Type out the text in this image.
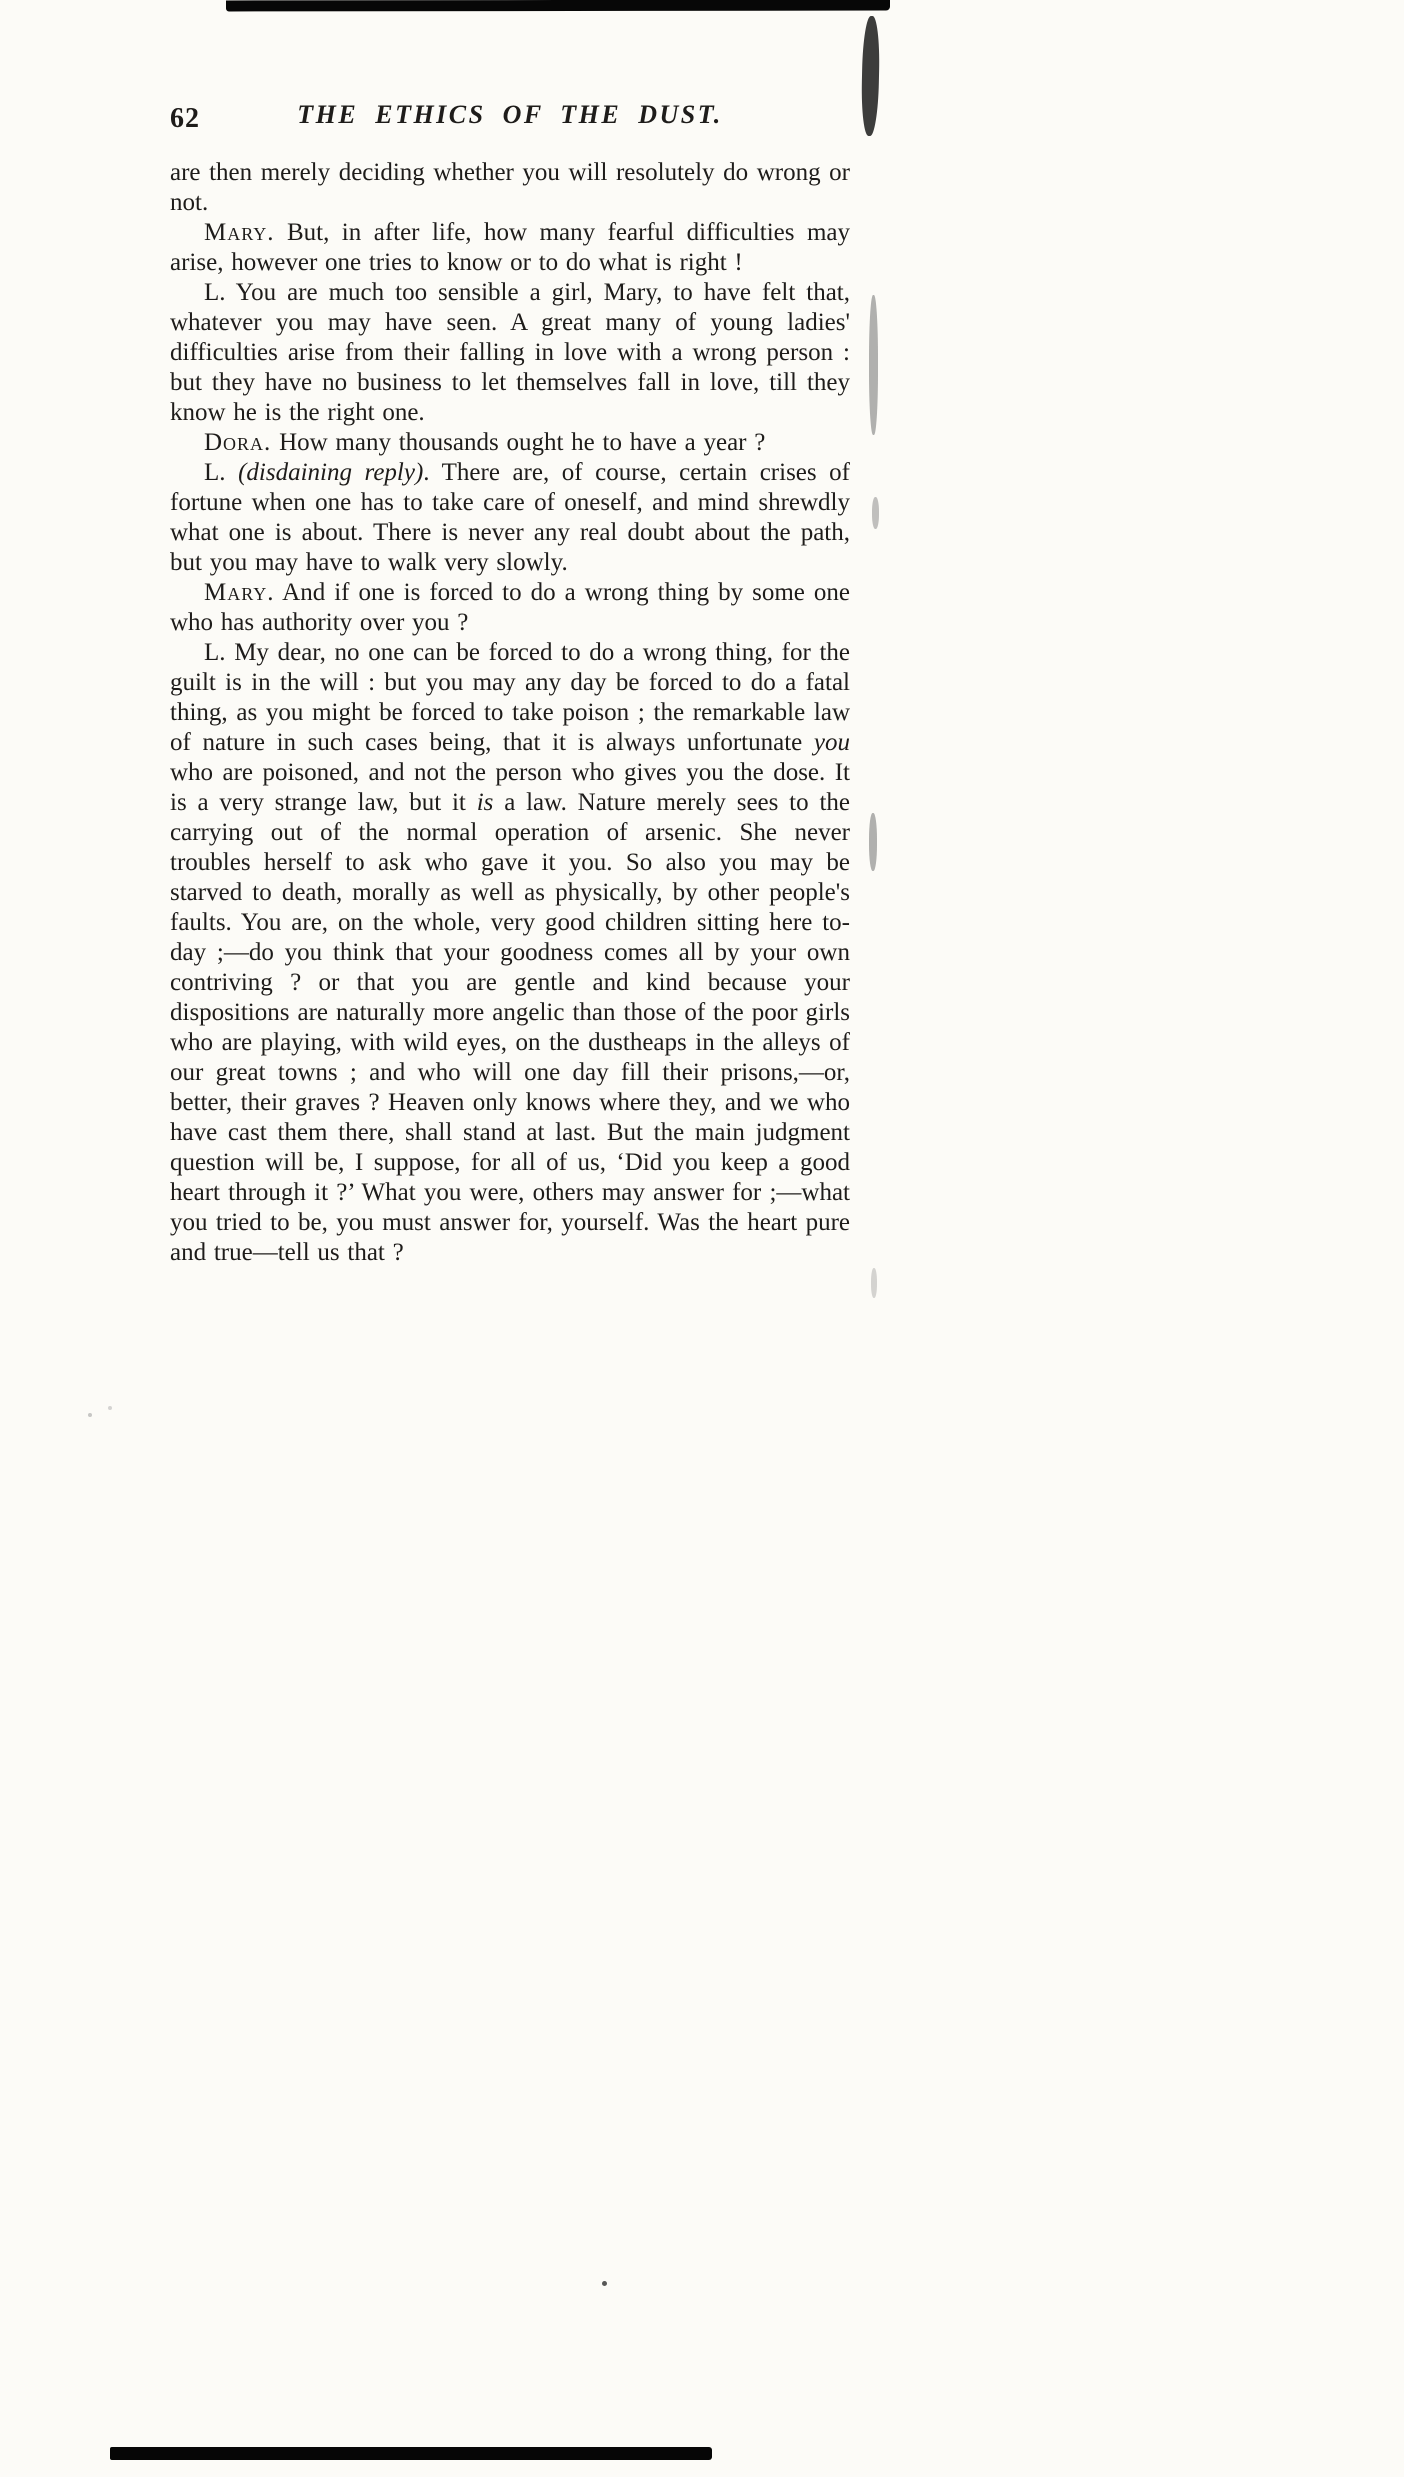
62	THE ETHICS OF THE DUST.

are then merely deciding whether you will resolutely do wrong or not.

Mary. But, in after life, how many fearful difficulties may arise, however one tries to know or to do what is right !

L. You are much too sensible a girl, Mary, to have felt that, whatever you may have seen. A great many of young ladies' difficulties arise from their falling in love with a wrong person : but they have no business to let themselves fall in love, till they know he is the right one.

Dora. How many thousands ought he to have a year ?

L. (disdaining reply). There are, of course, certain crises of fortune when one has to take care of oneself, and mind shrewdly what one is about. There is never any real doubt about the path, but you may have to walk very slowly.

Mary. And if one is forced to do a wrong thing by some one who has authority over you ?

L. My dear, no one can be forced to do a wrong thing, for the guilt is in the will : but you may any day be forced to do a fatal thing, as you might be forced to take poison ; the remarkable law of nature in such cases being, that it is always unfortunate you who are poisoned, and not the person who gives you the dose. It is a very strange law, but it is a law. Nature merely sees to the carrying out of the normal operation of arsenic. She never troubles herself to ask who gave it you. So also you may be starved to death, morally as well as physically, by other people's faults. You are, on the whole, very good children sitting here to-day ;—do you think that your goodness comes all by your own contriving ? or that you are gentle and kind because your dispositions are naturally more angelic than those of the poor girls who are playing, with wild eyes, on the dustheaps in the alleys of our great towns ; and who will one day fill their prisons,—or, better, their graves ? Heaven only knows where they, and we who have cast them there, shall stand at last. But the main judgment question will be, I suppose, for all of us, ‘Did you keep a good heart through it ?’ What you were, others may answer for ;—what you tried to be, you must answer for, yourself. Was the heart pure and true—tell us that ?
